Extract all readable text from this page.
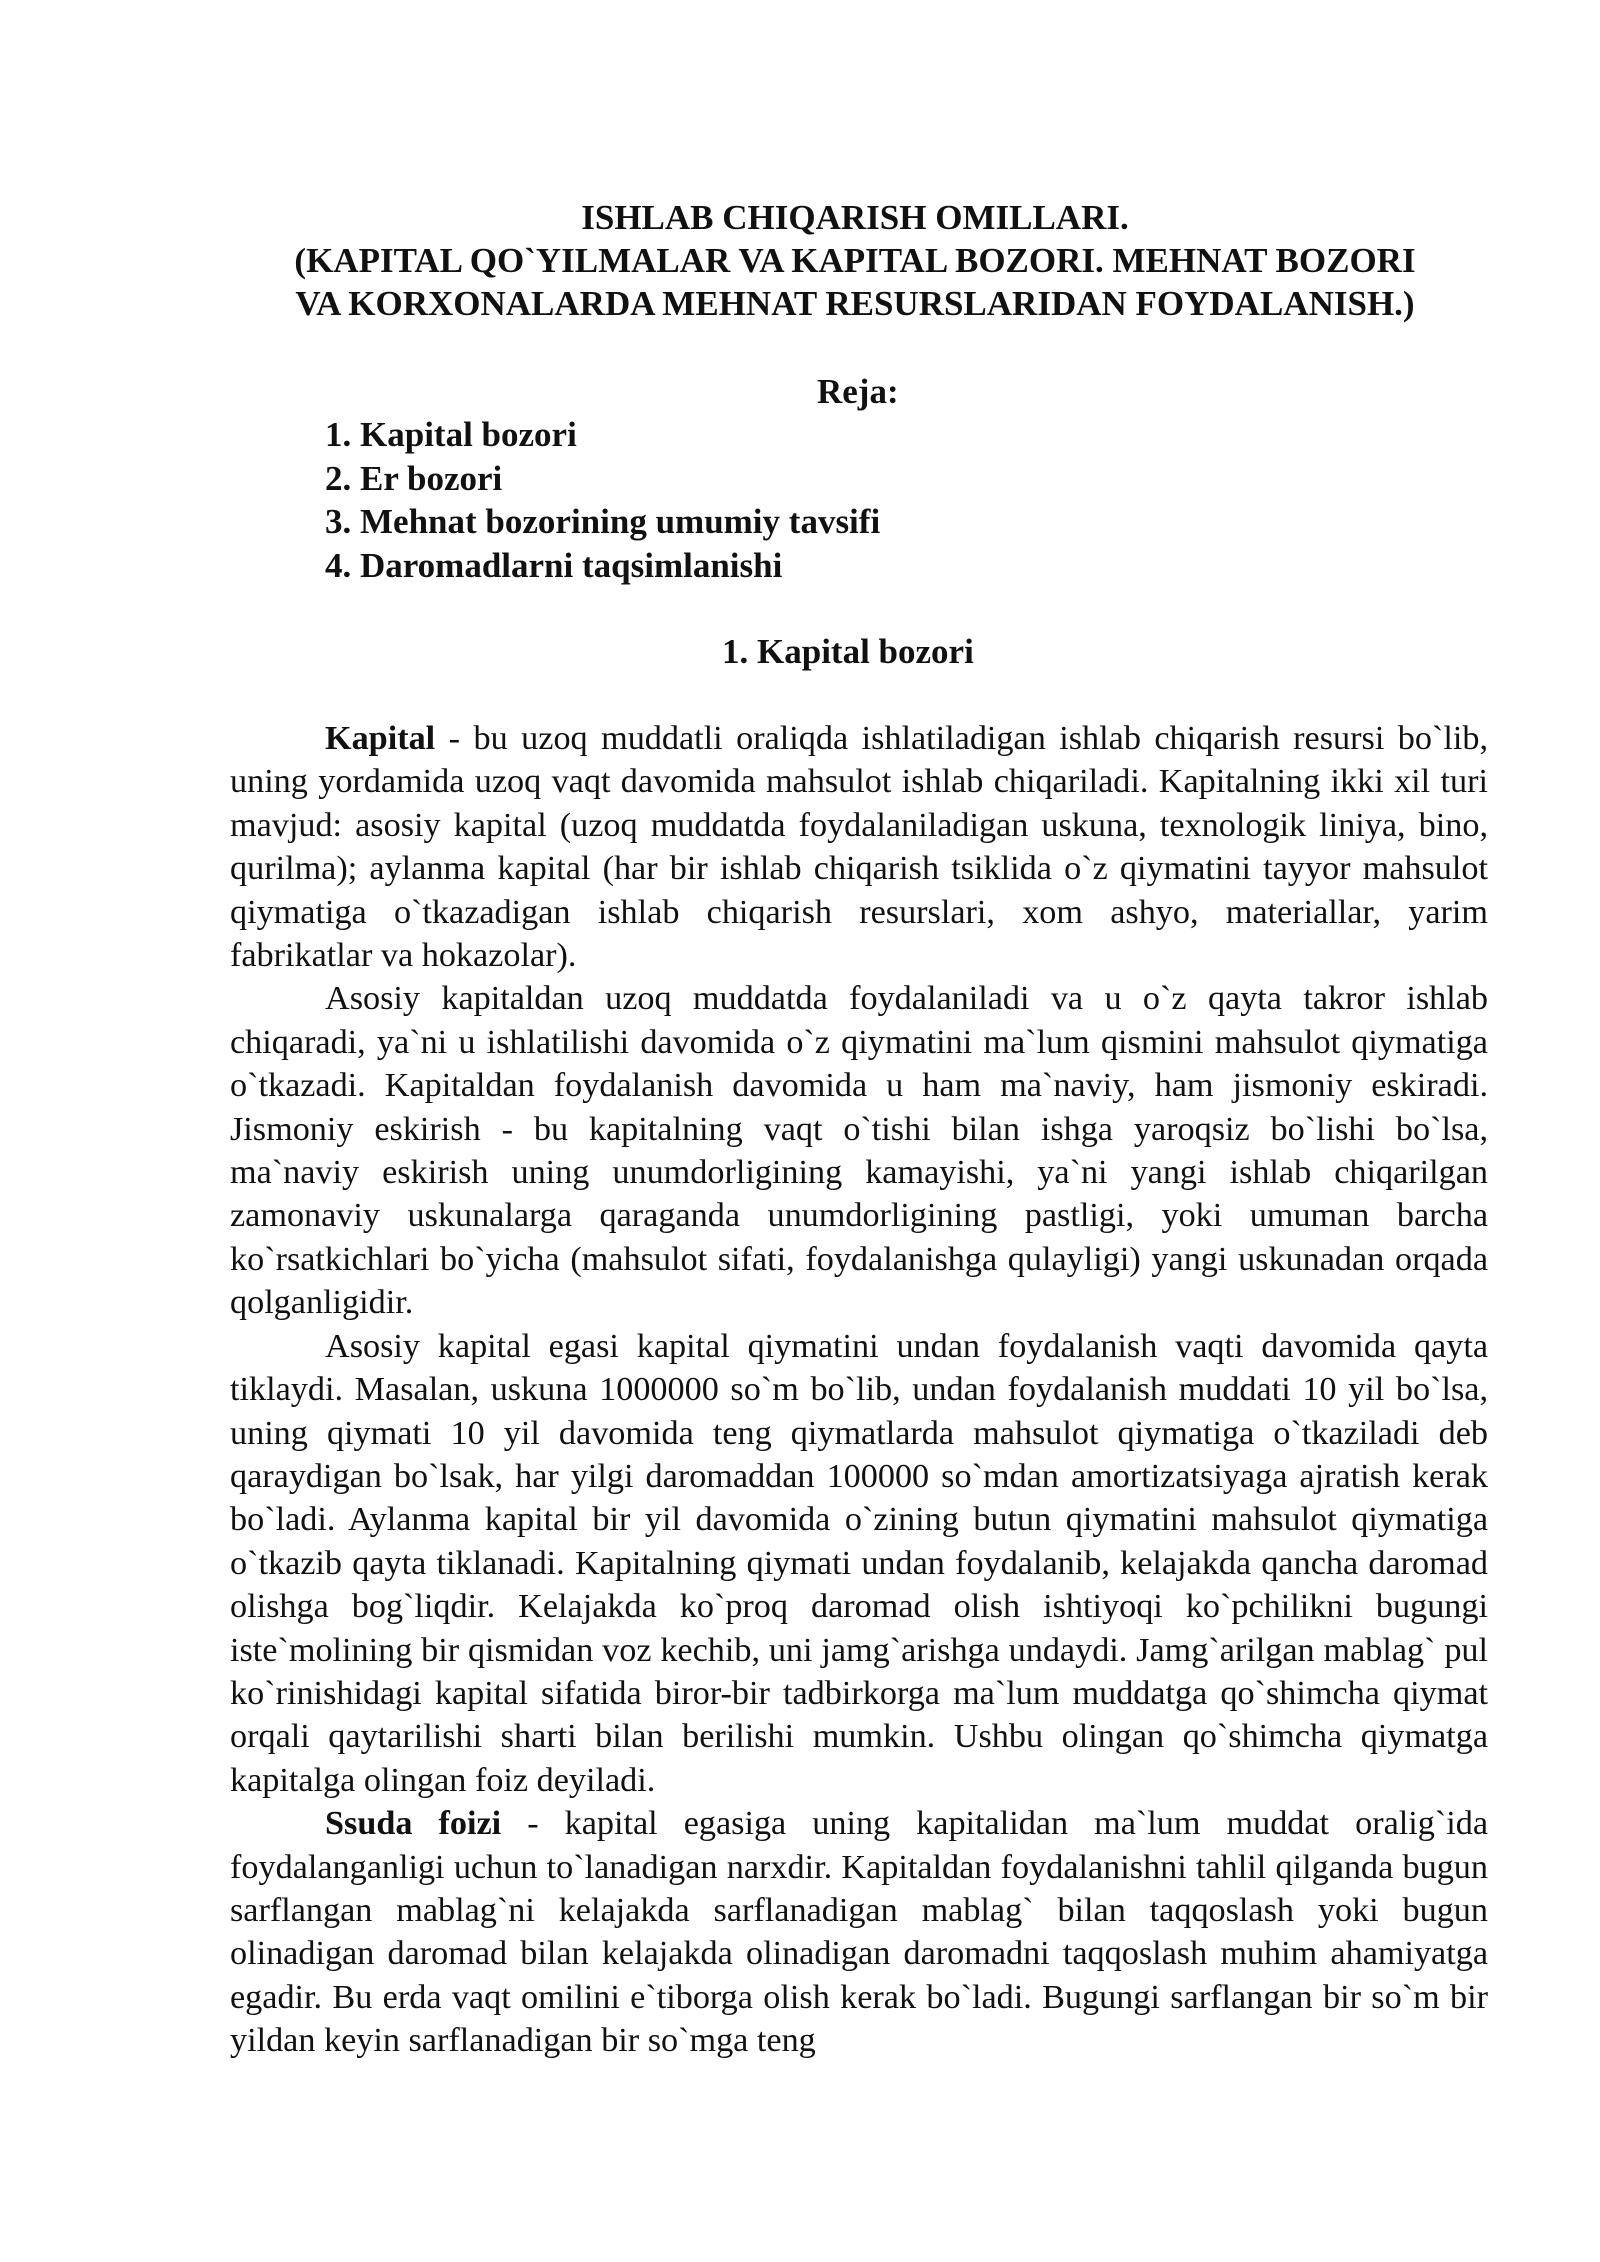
ISHLAB CHIQARISH OMILLARI.
(KAPITAL QO`YILMALAR VA KAPITAL BOZORI. MEHNAT BOZORI
VA KORXONALARDA MEHNAT RESURSLARIDAN FOYDALANISH.)
Reja:
1. Kapital bozori
2. Er bozori
3. Mehnat bozorining umumiy tavsifi
4. Daromadlarni taqsimlanishi
1. Kapital bozori

Kapital - bu uzoq muddatli oraliqda ishlatiladigan ishlab chiqarish resursi bo`lib, uning yordamida uzoq vaqt davomida mahsulot ishlab chiqariladi. Kapitalning ikki xil turi mavjud: asosiy kapital (uzoq muddatda foydalaniladigan uskuna, texnologik liniya, bino, qurilma); aylanma kapital (har bir ishlab chiqarish tsiklida o`z qiymatini tayyor mahsulot qiymatiga o`tkazadigan ishlab chiqarish resurslari, xom ashyo, materiallar, yarim fabrikatlar va hokazolar).

Asosiy kapitaldan uzoq muddatda foydalaniladi va u o`z qayta takror ishlab chiqaradi, ya`ni u ishlatilishi davomida o`z qiymatini ma`lum qismini mahsulot qiymatiga o`tkazadi. Kapitaldan foydalanish davomida u ham ma`naviy, ham jismoniy eskiradi. Jismoniy eskirish - bu kapitalning vaqt o`tishi bilan ishga yaroqsiz bo`lishi bo`lsa, ma`naviy eskirish uning unumdorligining kamayishi, ya`ni yangi ishlab chiqarilgan zamonaviy uskunalarga qaraganda unumdorligining pastligi, yoki umuman barcha ko`rsatkichlari bo`yicha (mahsulot sifati, foydalanishga qulayligi) yangi uskunadan orqada qolganligidir.

Asosiy kapital egasi kapital qiymatini undan foydalanish vaqti davomida qayta tiklaydi. Masalan, uskuna 1000000 so`m bo`lib, undan foydalanish muddati 10 yil bo`lsa, uning qiymati 10 yil davomida teng qiymatlarda mahsulot qiymatiga o`tkaziladi deb qaraydigan bo`lsak, har yilgi daromaddan 100000 so`mdan amortizatsiyaga ajratish kerak bo`ladi. Aylanma kapital bir yil davomida o`zining butun qiymatini mahsulot qiymatiga o`tkazib qayta tiklanadi. Kapitalning qiymati undan foydalanib, kelajakda qancha daromad olishga bog`liqdir. Kelajakda ko`proq daromad olish ishtiyoqi ko`pchilikni bugungi iste`molining bir qismidan voz kechib, uni jamg`arishga undaydi. Jamg`arilgan mablag` pul ko`rinishidagi kapital sifatida biror-bir tadbirkorga ma`lum muddatga qo`shimcha qiymat orqali qaytarilishi sharti bilan berilishi mumkin. Ushbu olingan qo`shimcha qiymatga kapitalga olingan foiz deyiladi.

Ssuda foizi - kapital egasiga uning kapitalidan ma`lum muddat oralig`ida foydalanganligi uchun to`lanadigan narxdir. Kapitaldan foydalanishni tahlil qilganda bugun sarflangan mablag`ni kelajakda sarflanadigan mablag` bilan taqqoslash yoki bugun olinadigan daromad bilan kelajakda olinadigan daromadni taqqoslash muhim ahamiyatga egadir. Bu erda vaqt omilini e`tiborga olish kerak bo`ladi. Bugungi sarflangan bir so`m bir yildan keyin sarflanadigan bir so`mga teng
